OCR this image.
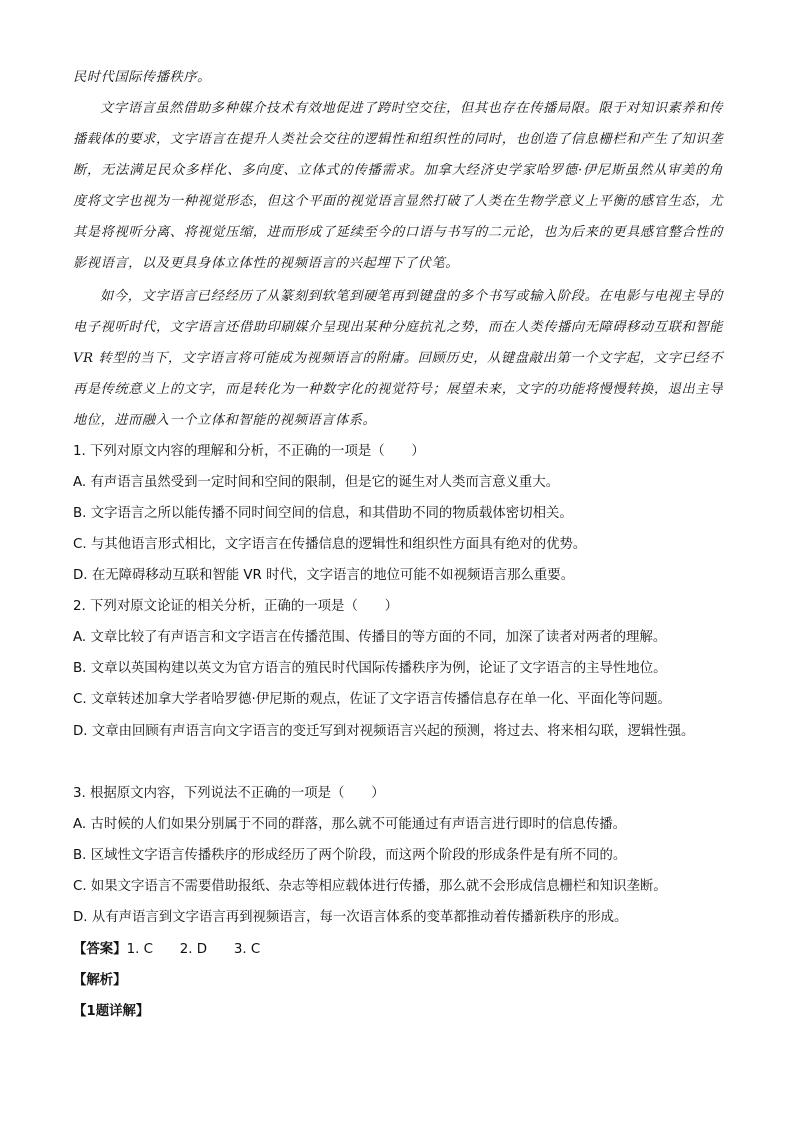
民时代国际传播秩序。

文字语言虽然借助多种媒介技术有效地促进了跨时空交往，但其也存在传播局限。限于对知识素养和传播载体的要求，文字语言在提升人类社会交往的逻辑性和组织性的同时，也创造了信息栅栏和产生了知识垄断，无法满足民众多样化、多向度、立体式的传播需求。加拿大经济史学家哈罗德·伊尼斯虽然从审美的角度将文字也视为一种视觉形态，但这个平面的视觉语言显然打破了人类在生物学意义上平衡的感官生态，尤其是将视听分离、将视觉压缩，进而形成了延续至今的口语与书写的二元论，也为后来的更具感官整合性的影视语言，以及更具身体立体性的视频语言的兴起埋下了伏笔。

如今，文字语言已经经历了从篆刻到软笔到硬笔再到键盘的多个书写或输入阶段。在电影与电视主导的电子视听时代，文字语言还借助印刷媒介呈现出某种分庭抗礼之势，而在人类传播向无障碍移动互联和智能 VR 转型的当下，文字语言将可能成为视频语言的附庸。回顾历史，从键盘敲出第一个文字起，文字已经不再是传统意义上的文字，而是转化为一种数字化的视觉符号；展望未来，文字的功能将慢慢转换，退出主导地位，进而融入一个立体和智能的视频语言体系。

1. 下列对原文内容的理解和分析，不正确的一项是（　　）

A. 有声语言虽然受到一定时间和空间的限制，但是它的诞生对人类而言意义重大。

B. 文字语言之所以能传播不同时间空间的信息，和其借助不同的物质载体密切相关。

C. 与其他语言形式相比，文字语言在传播信息的逻辑性和组织性方面具有绝对的优势。

D. 在无障碍移动互联和智能 VR 时代，文字语言的地位可能不如视频语言那么重要。

2. 下列对原文论证的相关分析，正确的一项是（　　）

A. 文章比较了有声语言和文字语言在传播范围、传播目的等方面的不同，加深了读者对两者的理解。

B. 文章以英国构建以英文为官方语言的殖民时代国际传播秩序为例，论证了文字语言的主导性地位。

C. 文章转述加拿大学者哈罗德·伊尼斯的观点，佐证了文字语言传播信息存在单一化、平面化等问题。

D. 文章由回顾有声语言向文字语言的变迁写到对视频语言兴起的预测，将过去、将来相勾联，逻辑性强。

3. 根据原文内容，下列说法不正确的一项是（　　）

A. 古时候的人们如果分别属于不同的群落，那么就不可能通过有声语言进行即时的信息传播。

B. 区域性文字语言传播秩序的形成经历了两个阶段，而这两个阶段的形成条件是有所不同的。

C. 如果文字语言不需要借助报纸、杂志等相应载体进行传播，那么就不会形成信息栅栏和知识垄断。

D. 从有声语言到文字语言再到视频语言，每一次语言体系的变革都推动着传播新秩序的形成。

【答案】1. C　　2. D　　3. C

【解析】

【1题详解】
